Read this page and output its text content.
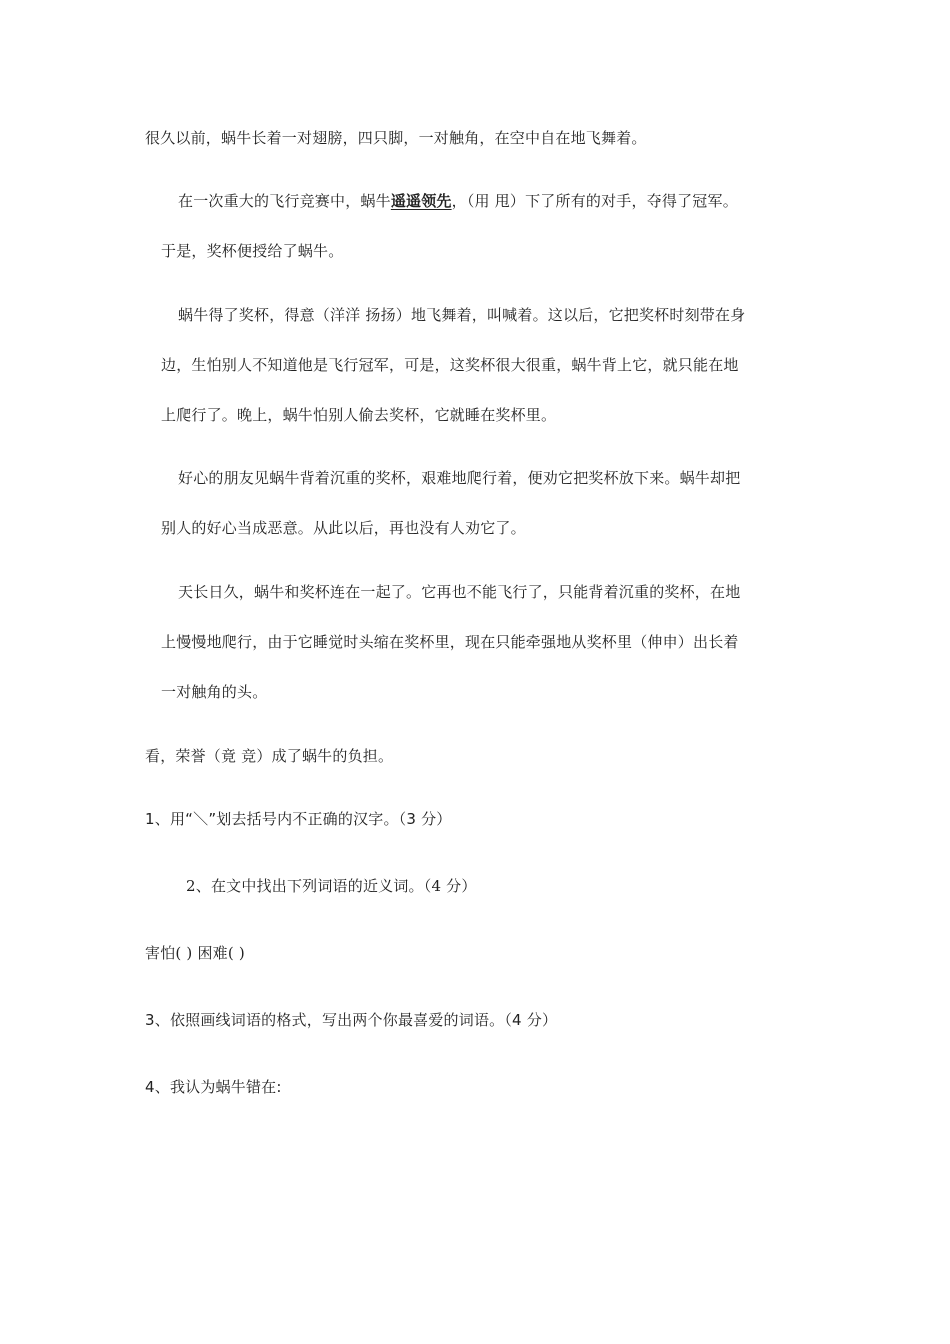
很久以前，蜗牛长着一对翅膀，四只脚，一对触角，在空中自在地飞舞着。
在一次重大的飞行竞赛中，蜗牛遥遥领先，（用 甩）下了所有的对手，夺得了冠军。
于是，奖杯便授给了蜗牛。
蜗牛得了奖杯，得意（洋洋 扬扬）地飞舞着，叫喊着。这以后，它把奖杯时刻带在身
边，生怕别人不知道他是飞行冠军，可是，这奖杯很大很重，蜗牛背上它，就只能在地
上爬行了。晚上，蜗牛怕别人偷去奖杯，它就睡在奖杯里。
好心的朋友见蜗牛背着沉重的奖杯，艰难地爬行着，便劝它把奖杯放下来。蜗牛却把
别人的好心当成恶意。从此以后，再也没有人劝它了。
天长日久，蜗牛和奖杯连在一起了。它再也不能飞行了，只能背着沉重的奖杯，在地
上慢慢地爬行，由于它睡觉时头缩在奖杯里，现在只能牵强地从奖杯里（伸申）出长着
一对触角的头。
看，荣誉（竟 竞）成了蜗牛的负担。
1、用“＼”划去括号内不正确的汉字。（3 分）
2、在文中找出下列词语的近义词。（4 分）
害怕( ) 困难( )
3、依照画线词语的格式，写出两个你最喜爱的词语。（4 分）
4、我认为蜗牛错在:
